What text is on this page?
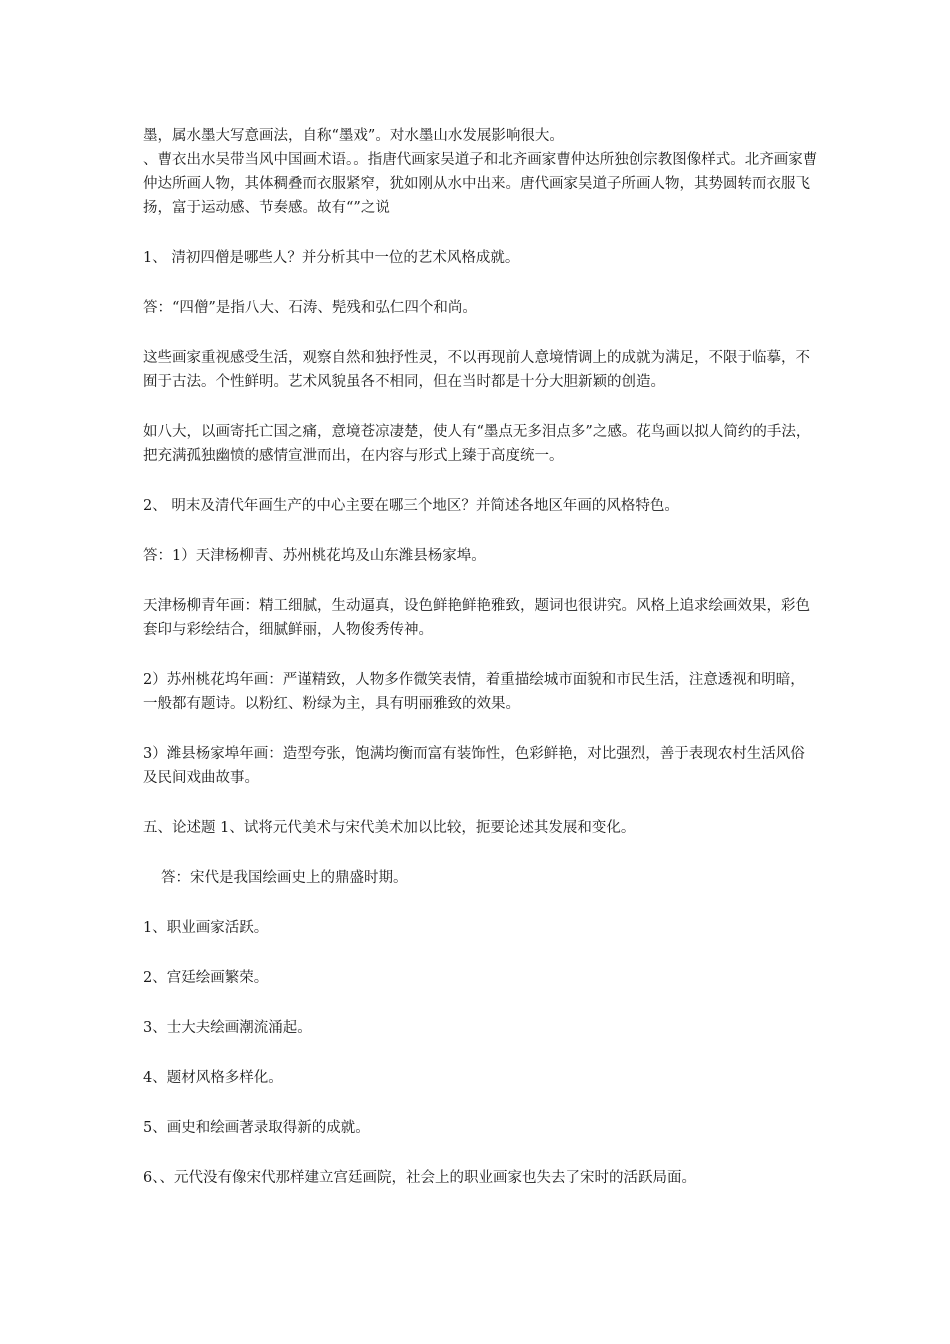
墨，属水墨大写意画法，自称“墨戏”。对水墨山水发展影响很大。

、曹衣出水吴带当风中国画术语。。指唐代画家吴道子和北齐画家曹仲达所独创宗教图像样式。北齐画家曹仲达所画人物，其体稠叠而衣服紧窄，犹如刚从水中出来。唐代画家吴道子所画人物，其势圆转而衣服飞扬，富于运动感、节奏感。故有“”之说

1、 清初四僧是哪些人？并分析其中一位的艺术风格成就。

答：“四僧”是指八大、石涛、髡残和弘仁四个和尚。

这些画家重视感受生活，观察自然和独抒性灵，不以再现前人意境情调上的成就为满足，不限于临摹，不囿于古法。个性鲜明。艺术风貌虽各不相同，但在当时都是十分大胆新颖的创造。

如八大，以画寄托亡国之痛，意境苍凉凄楚，使人有“墨点无多泪点多”之感。花鸟画以拟人简约的手法，把充满孤独幽愤的感情宣泄而出，在内容与形式上臻于高度统一。

2、 明末及清代年画生产的中心主要在哪三个地区？并简述各地区年画的风格特色。

答：1）天津杨柳青、苏州桃花坞及山东潍县杨家埠。

天津杨柳青年画：精工细腻，生动逼真，设色鲜艳鲜艳雅致，题词也很讲究。风格上追求绘画效果，彩色套印与彩绘结合，细腻鲜丽，人物俊秀传神。

2）苏州桃花坞年画：严谨精致，人物多作微笑表情，着重描绘城市面貌和市民生活，注意透视和明暗，一般都有题诗。以粉红、粉绿为主，具有明丽雅致的效果。

3）潍县杨家埠年画：造型夸张，饱满均衡而富有装饰性，色彩鲜艳，对比强烈，善于表现农村生活风俗及民间戏曲故事。

五、论述题 1、试将元代美术与宋代美术加以比较，扼要论述其发展和变化。

答：宋代是我国绘画史上的鼎盛时期。

1、职业画家活跃。

2、宫廷绘画繁荣。

3、士大夫绘画潮流涌起。

4、题材风格多样化。

5、画史和绘画著录取得新的成就。

6、、元代没有像宋代那样建立宫廷画院，社会上的职业画家也失去了宋时的活跃局面。
